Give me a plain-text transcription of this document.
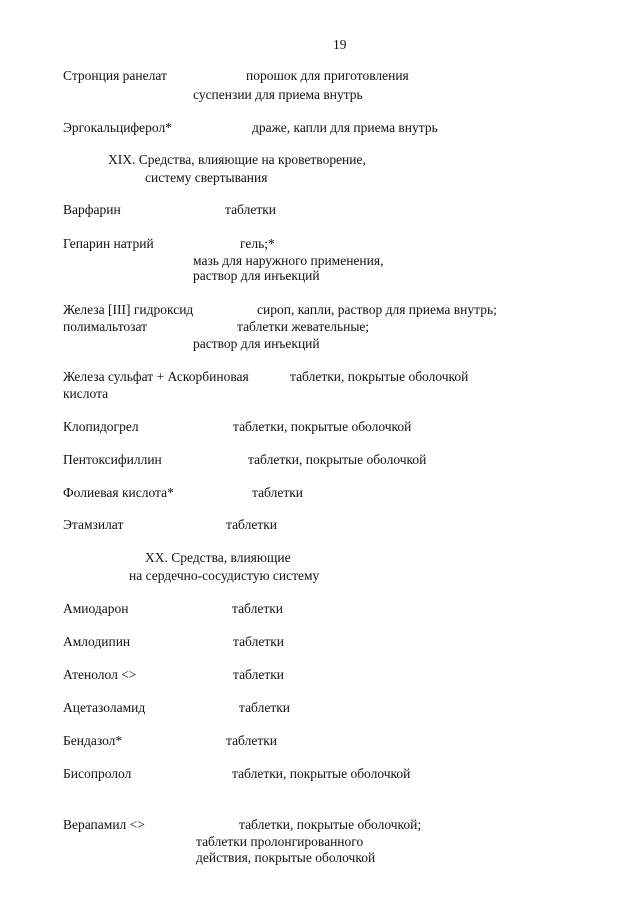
19
Стронция ранелат	порошок для приготовления
суспензии для приема внутрь
Эргокальциферол*	драже, капли для приема внутрь
XIX. Средства, влияющие на кроветворение,
систему свертывания
Варфарин	таблетки
Гепарин натрий	гель;*
мазь для наружного применения,
раствор для инъекций
Железа [III] гидроксид	сироп, капли, раствор для приема внутрь;
полимальтозат	таблетки жевательные;
раствор для инъекций
Железа сульфат + Аскорбиновая	таблетки, покрытые оболочкой
кислота
Клопидогрел	таблетки, покрытые оболочкой
Пентоксифиллин	таблетки, покрытые оболочкой
Фолиевая кислота*	таблетки
Этамзилат	таблетки
XX. Средства, влияющие
на сердечно-сосудистую систему
Амиодарон	таблетки
Амлодипин	таблетки
Атенолол <>	таблетки
Ацетазоламид	таблетки
Бендазол*	таблетки
Бисопролол	таблетки, покрытые оболочкой
Верапамил <>	таблетки, покрытые оболочкой;
таблетки пролонгированного
действия, покрытые оболочкой
